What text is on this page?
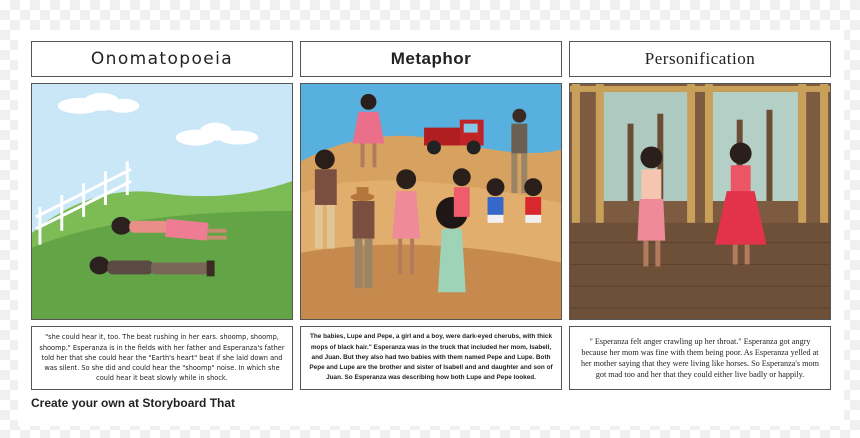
Onomatopoeia	Metaphor	Personification
"she could hear it, too. The beat rushing in her ears. shoomp, shoomp, shoomp." Esperanza is in the fields with her father and Esperanza's father told her that she could hear the "Earth's heart" beat if she laid down and was silent. So she did and could hear the "shoomp" noise. In which she could hear it beat slowly while in shock.
The babies, Lupe and Pepe, a girl and a boy, were dark-eyed cherubs, with thick mops of black hair." Esperanza was in the truck that included her mom, Isabell, and Juan. But they also had two babies with them named Pepe and Lupe. Both Pepe and Lupe are the brother and sister of Isabell and and daughter and son of Juan. So Esperanza was describing how both Lupe and Pepe looked.
" Esperanza felt anger crawling up her throat." Esperanza got angry because her mom was fine with them being poor. As Esperanza yelled at her mother saying that they were living like horses. So Esperanza's mom got mad too and her that they could either live badly or happily.
Create your own at Storyboard That
